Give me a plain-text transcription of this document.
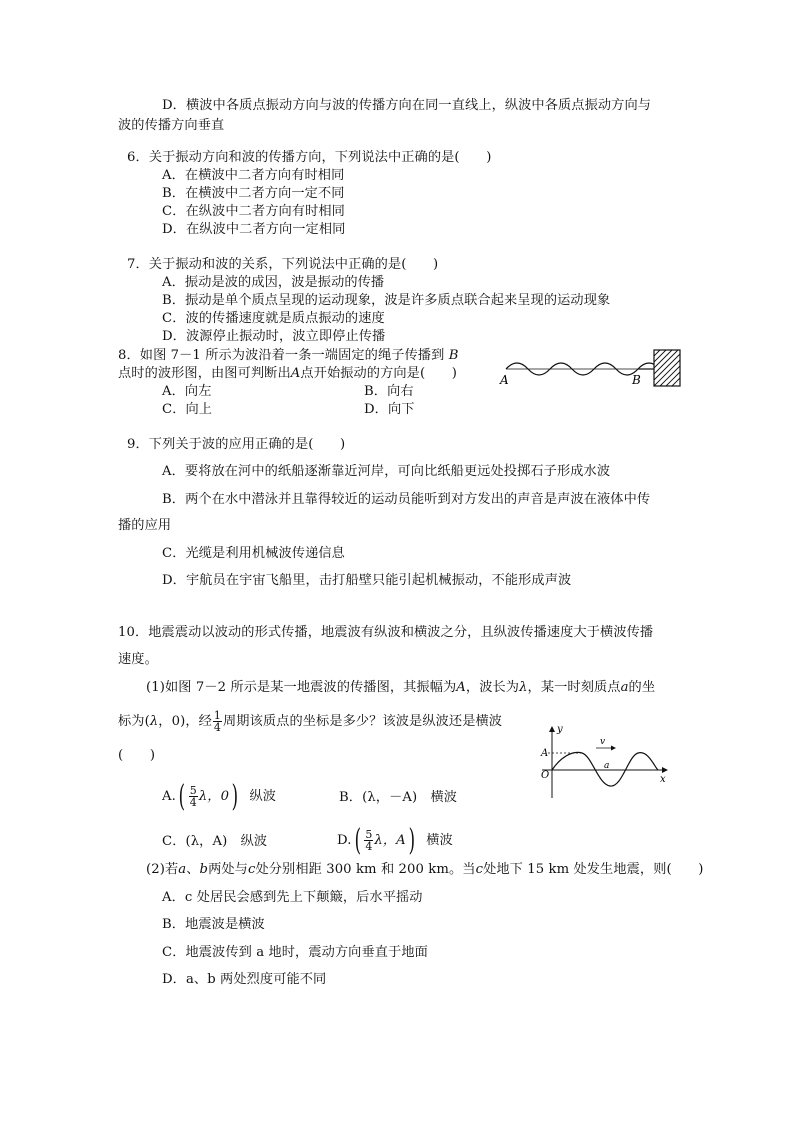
D．横波中各质点振动方向与波的传播方向在同一直线上，纵波中各质点振动方向与
波的传播方向垂直
6．关于振动方向和波的传播方向，下列说法中正确的是(　　)
A．在横波中二者方向有时相同
B．在横波中二者方向一定不同
C．在纵波中二者方向有时相同
D．在纵波中二者方向一定相同
7．关于振动和波的关系，下列说法中正确的是(　　)
A．振动是波的成因，波是振动的传播
B．振动是单个质点呈现的运动现象，波是许多质点联合起来呈现的运动现象
C．波的传播速度就是质点振动的速度
D．波源停止振动时，波立即停止传播
8．如图 7－1 所示为波沿着一条一端固定的绳子传播到 B
点时的波形图，由图可判断出A点开始振动的方向是(　　)
A．向左	B．向右
C．向上	D．向下
A	B
9．下列关于波的应用正确的是(　　)
A．要将放在河中的纸船逐渐靠近河岸，可向比纸船更远处投掷石子形成水波
B．两个在水中潜泳并且靠得较近的运动员能听到对方发出的声音是声波在液体中传
播的应用
C．光缆是利用机械波传递信息
D．宇航员在宇宙飞船里，击打船壁只能引起机械振动，不能形成声波
10．地震震动以波动的形式传播，地震波有纵波和横波之分，且纵波传播速度大于横波传播
速度。
(1)如图 7－2 所示是某一地震波的传播图，其振幅为A，波长为λ，某一时刻质点a的坐
标为(λ，0)，经 $\frac{1}{4}$ 周期该质点的坐标是多少？该波是纵波还是横波
(　　)
y
v
A
O
a
x
$A.( \frac{5}{4}$ λ，0) 纵波	B．(λ，－A)　横波
C．(λ，A)　纵波	$D.( \frac{5}{4}$ λ，A) 横波
(2)若a、b两处与c处分别相距 300 km 和 200 km。当c处地下 15 km 处发生地震，则(　　)
A．c 处居民会感到先上下颠簸，后水平摇动
B．地震波是横波
C．地震波传到 a 地时，震动方向垂直于地面
D．a、b 两处烈度可能不同
